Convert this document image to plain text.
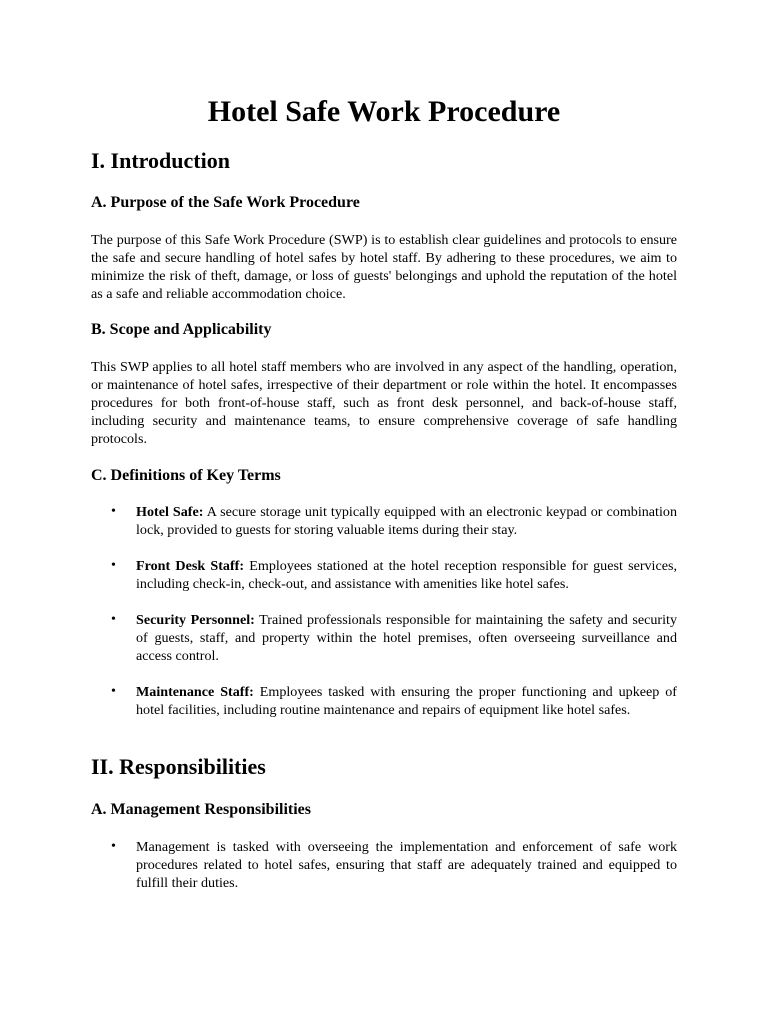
Hotel Safe Work Procedure
I. Introduction
A. Purpose of the Safe Work Procedure

The purpose of this Safe Work Procedure (SWP) is to establish clear guidelines and protocols to ensure the safe and secure handling of hotel safes by hotel staff. By adhering to these procedures, we aim to minimize the risk of theft, damage, or loss of guests' belongings and uphold the reputation of the hotel as a safe and reliable accommodation choice.

B. Scope and Applicability

This SWP applies to all hotel staff members who are involved in any aspect of the handling, operation, or maintenance of hotel safes, irrespective of their department or role within the hotel. It encompasses procedures for both front-of-house staff, such as front desk personnel, and back-of-house staff, including security and maintenance teams, to ensure comprehensive coverage of safe handling protocols.

C. Definitions of Key Terms
• Hotel Safe: A secure storage unit typically equipped with an electronic keypad or combination lock, provided to guests for storing valuable items during their stay.

• Front Desk Staff: Employees stationed at the hotel reception responsible for guest services, including check-in, check-out, and assistance with amenities like hotel safes.

• Security Personnel: Trained professionals responsible for maintaining the safety and security of guests, staff, and property within the hotel premises, often overseeing surveillance and access control.

• Maintenance Staff: Employees tasked with ensuring the proper functioning and upkeep of hotel facilities, including routine maintenance and repairs of equipment like hotel safes.

II. Responsibilities
A. Management Responsibilities
• Management is tasked with overseeing the implementation and enforcement of safe work procedures related to hotel safes, ensuring that staff are adequately trained and equipped to fulfill their duties.
